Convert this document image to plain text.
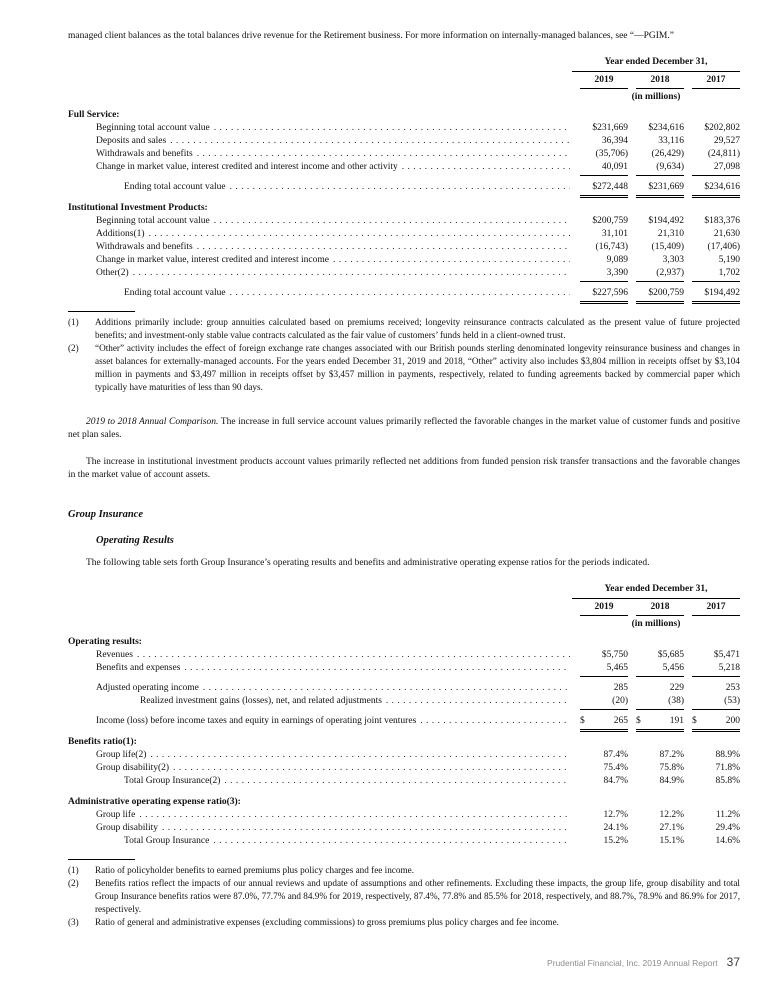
managed client balances as the total balances drive revenue for the Retirement business. For more information on internally-managed balances, see “—PGIM.”

Year ended December 31,
2019	2018	2017
(in millions)
Full Service:
Beginning total account value . . .	$231,669	$234,616	$202,802
Deposits and sales . . .	36,394	33,116	29,527
Withdrawals and benefits . . .	(35,706)	(26,429)	(24,811)
Change in market value, interest credited and interest income and other activity . . .	40,091	(9,634)	27,098
Ending total account value . . .	$272,448	$231,669	$234,616
Institutional Investment Products:
Beginning total account value . . .	$200,759	$194,492	$183,376
Additions(1) . . .	31,101	21,310	21,630
Withdrawals and benefits . . .	(16,743)	(15,409)	(17,406)
Change in market value, interest credited and interest income . . .	9,089	3,303	5,190
Other(2) . . .	3,390	(2,937)	1,702
Ending total account value . . .	$227,596	$200,759	$194,492
(1)	Additions primarily include: group annuities calculated based on premiums received; longevity reinsurance contracts calculated as the present value of future projected benefits; and investment-only stable value contracts calculated as the fair value of customers’ funds held in a client-owned trust.
(2)	“Other” activity includes the effect of foreign exchange rate changes associated with our British pounds sterling denominated longevity reinsurance business and changes in asset balances for externally-managed accounts. For the years ended December 31, 2019 and 2018, “Other” activity also includes $3,804 million in receipts offset by $3,104 million in payments and $3,497 million in receipts offset by $3,457 million in payments, respectively, related to funding agreements backed by commercial paper which typically have maturities of less than 90 days.

2019 to 2018 Annual Comparison. The increase in full service account values primarily reflected the favorable changes in the market value of customer funds and positive net plan sales.

The increase in institutional investment products account values primarily reflected net additions from funded pension risk transfer transactions and the favorable changes in the market value of account assets.

Group Insurance
Operating Results

The following table sets forth Group Insurance’s operating results and benefits and administrative operating expense ratios for the periods indicated.

Year ended December 31,
2019	2018	2017
(in millions)
Operating results:
Revenues . . .	$5,750	$5,685	$5,471
Benefits and expenses . . .	5,465	5,456	5,218
Adjusted operating income . . .	285	229	253
Realized investment gains (losses), net, and related adjustments . . .	(20)	(38)	(53)
Income (loss) before income taxes and equity in earnings of operating joint ventures . . .	$	265 $	191 $	200
Benefits ratio(1):
Group life(2) . . .	87.4%	87.2%	88.9%
Group disability(2) . . .	75.4%	75.8%	71.8%
Total Group Insurance(2) . . .	84.7%	84.9%	85.8%
Administrative operating expense ratio(3):
Group life . . .	12.7%	12.2%	11.2%
Group disability . . .	24.1%	27.1%	29.4%
Total Group Insurance . . .	15.2%	15.1%	14.6%
(1)	Ratio of policyholder benefits to earned premiums plus policy charges and fee income.
(2)	Benefits ratios reflect the impacts of our annual reviews and update of assumptions and other refinements. Excluding these impacts, the group life, group disability and total Group Insurance benefits ratios were 87.0%, 77.7% and 84.9% for 2019, respectively, 87.4%, 77.8% and 85.5% for 2018, respectively, and 88.7%, 78.9% and 86.9% for 2017, respectively.
(3)	Ratio of general and administrative expenses (excluding commissions) to gross premiums plus policy charges and fee income.
Prudential Financial, Inc. 2019 Annual Report 37
